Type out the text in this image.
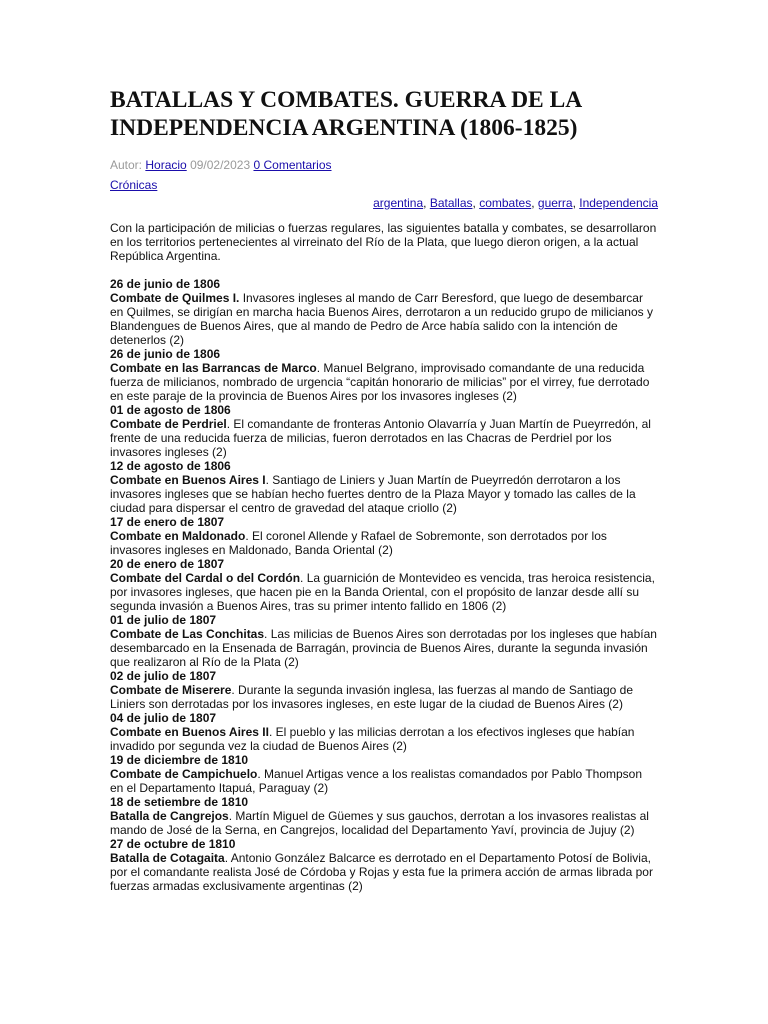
BATALLAS Y COMBATES. GUERRA DE LA INDEPENDENCIA ARGENTINA (1806-1825)
Autor: Horacio 09/02/2023 0 Comentarios
Crónicas
argentina, Batallas, combates, guerra, Independencia

Con la participación de milicias o fuerzas regulares, las siguientes batalla y combates, se desarrollaron en los territorios pertenecientes al virreinato del Río de la Plata, que luego dieron origen, a la actual República Argentina.

26 de junio de 1806

Combate de Quilmes I. Invasores ingleses al mando de Carr Beresford, que luego de desembarcar en Quilmes, se dirigían en marcha hacia Buenos Aires, derrotaron a un reducido grupo de milicianos y Blandengues de Buenos Aires, que al mando de Pedro de Arce había salido con la intención de detenerlos (2)

26 de junio de 1806

Combate en las Barrancas de Marco. Manuel Belgrano, improvisado comandante de una reducida fuerza de milicianos, nombrado de urgencia “capitán honorario de milicias” por el virrey, fue derrotado en este paraje de la provincia de Buenos Aires por los invasores ingleses (2)

01 de agosto de 1806

Combate de Perdriel. El comandante de fronteras Antonio Olavarría y Juan Martín de Pueyrredón, al frente de una reducida fuerza de milicias, fueron derrotados en las Chacras de Perdriel por los invasores ingleses (2)

12 de agosto de 1806

Combate en Buenos Aires I. Santiago de Liniers y Juan Martín de Pueyrredón derrotaron a los invasores ingleses que se habían hecho fuertes dentro de la Plaza Mayor y tomado las calles de la ciudad para dispersar el centro de gravedad del ataque criollo (2)

17 de enero de 1807

Combate en Maldonado. El coronel Allende y Rafael de Sobremonte, son derrotados por los invasores ingleses en Maldonado, Banda Oriental (2)

20 de enero de 1807

Combate del Cardal o del Cordón. La guarnición de Montevideo es vencida, tras heroica resistencia, por invasores ingleses, que hacen pie en la Banda Oriental, con el propósito de lanzar desde allí su segunda invasión a Buenos Aires, tras su primer intento fallido en 1806 (2)

01 de julio de 1807

Combate de Las Conchitas. Las milicias de Buenos Aires son derrotadas por los ingleses que habían desembarcado en la Ensenada de Barragán, provincia de Buenos Aires, durante la segunda invasión que realizaron al Río de la Plata (2)

02 de julio de 1807

Combate de Miserere. Durante la segunda invasión inglesa, las fuerzas al mando de Santiago de Liniers son derrotadas por los invasores ingleses, en este lugar de la ciudad de Buenos Aires (2)

04 de julio de 1807

Combate en Buenos Aires II. El pueblo y las milicias derrotan a los efectivos ingleses que habían invadido por segunda vez la ciudad de Buenos Aires (2)

19 de diciembre de 1810

Combate de Campichuelo. Manuel Artigas vence a los realistas comandados por Pablo Thompson en el Departamento Itapuá, Paraguay (2)

18 de setiembre de 1810

Batalla de Cangrejos. Martín Miguel de Güemes y sus gauchos, derrotan a los invasores realistas al mando de José de la Serna, en Cangrejos, localidad del Departamento Yaví, provincia de Jujuy (2)

27 de octubre de 1810

Batalla de Cotagaita. Antonio González Balcarce es derrotado en el Departamento Potosí de Bolivia, por el comandante realista José de Córdoba y Rojas y esta fue la primera acción de armas librada por fuerzas armadas exclusivamente argentinas (2)
